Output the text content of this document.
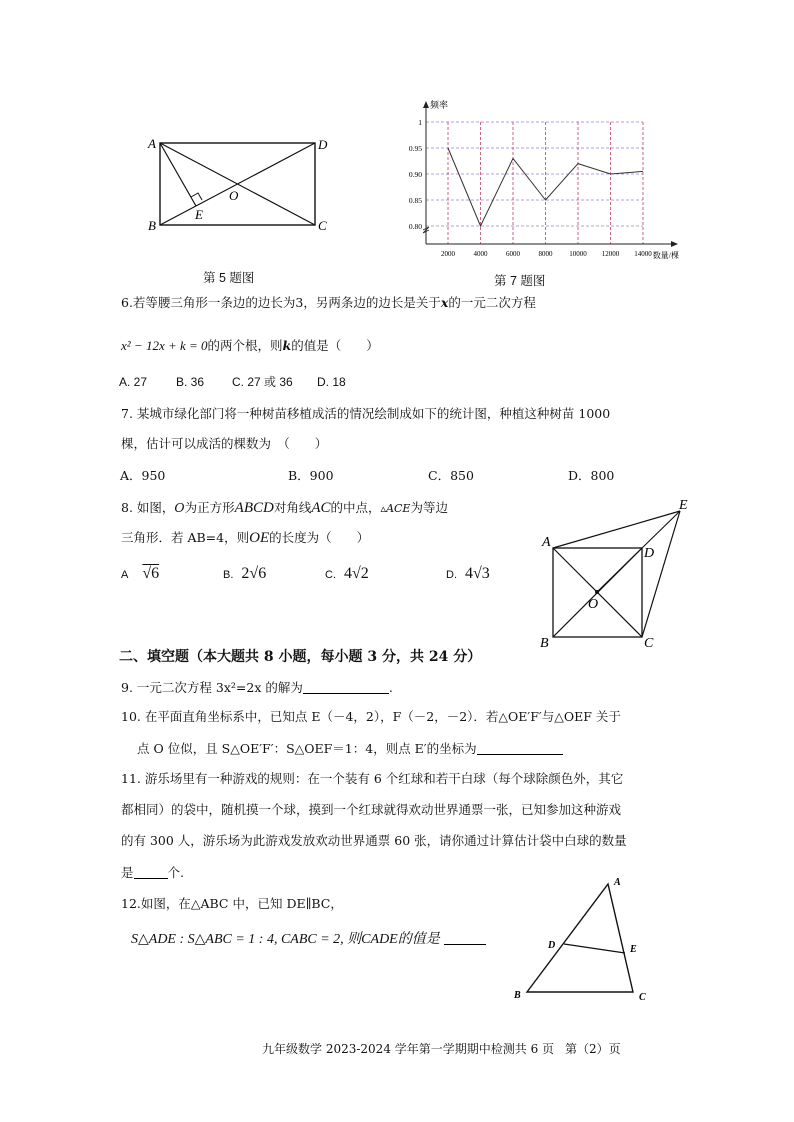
A	D
B	C
E
O
第 5 题图
0.80
0.85
0.90
0.95
1
2000	4000	6000	8000 10000 12000 14000
频率
数量/棵
第 7 题图
6.若等腰三角形一条边的边长为3，另两条边的边长是关于x的一元二次方程
x² − 12x + k = 0的两个根，则k的值是（　　）
A. 27 B. 36 C. 27 或 36 D. 18
7. 某城市绿化部门将一种树苗移植成活的情况绘制成如下的统计图，种植这种树苗 1000
棵，估计可以成活的棵数为　（　　）
A．950	B．900	C．850	D．800
8. 如图，O为正方形ABCD对角线AC的中点，▵ACE为等边
三角形．若 AB=4，则OE的长度为（　　）
A √6	B. 2√6	C. 4√2	D. 4√3
E
A
D
O
B	C
二、填空题（本大题共 8 小题，每小题 3 分，共 24 分）
9. 一元二次方程 3x²=2x 的解为	.
10. 在平面直角坐标系中，已知点 E（－4，2），F（－2，－2）．若△OE′F′与△OEF 关于
点 O 位似，且 S△OE′F′：S△OEF＝1：4，则点 E′的坐标为
11. 游乐场里有一种游戏的规则：在一个装有 6 个红球和若干白球（每个球除颜色外，其它
都相同）的袋中，随机摸一个球，摸到一个红球就得欢动世界通票一张，已知参加这种游戏
的有 300 人，游乐场为此游戏发放欢动世界通票 60 张，请你通过计算估计袋中白球的数量
是	个.
12.如图，在△ABC 中，已知 DE∥BC，
S△ADE : S△ABC = 1 : 4, CABC = 2, 则CADE的值是
A
D	E
B	C
九年级数学 2023-2024 学年第一学期期中检测共 6 页 第（2）页
